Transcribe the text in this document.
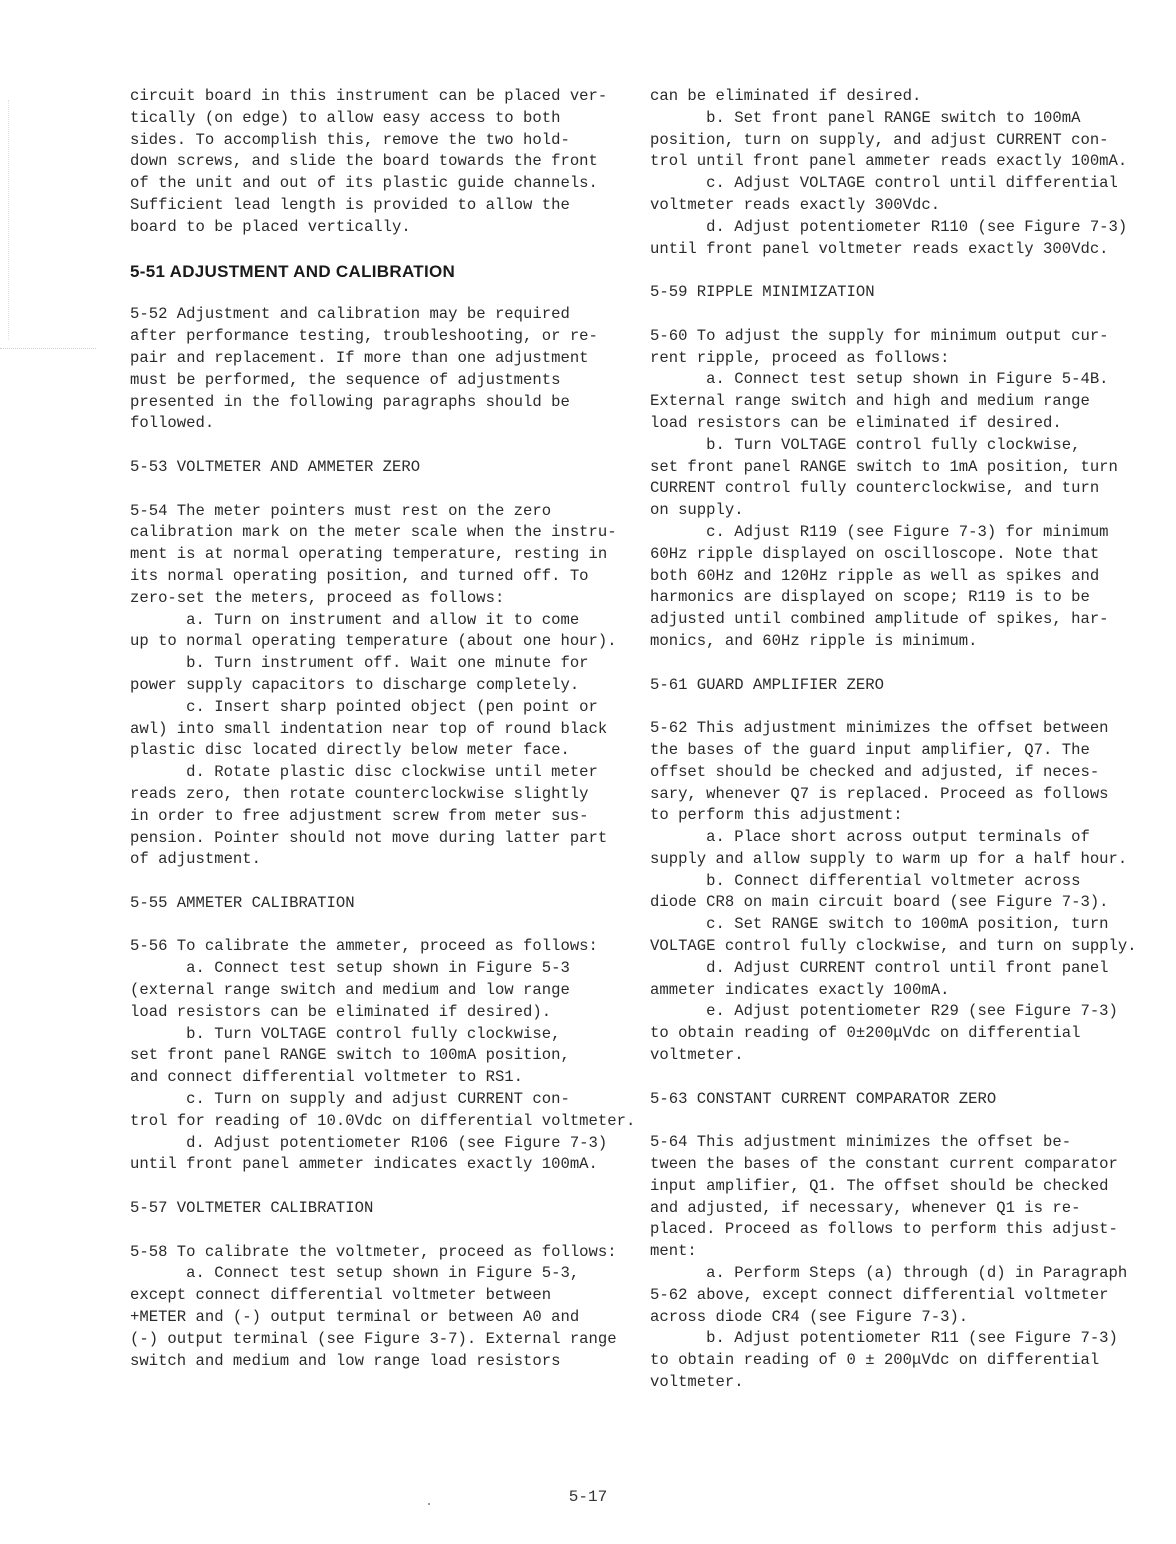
circuit board in this instrument can be placed ver-

tically (on edge) to allow easy access to both

sides. To accomplish this, remove the two hold-

down screws, and slide the board towards the front

of the unit and out of its plastic guide channels.

Sufficient lead length is provided to allow the

board to be placed vertically.

5-51 ADJUSTMENT AND CALIBRATION

5-52 Adjustment and calibration may be required

after performance testing, troubleshooting, or re-

pair and replacement. If more than one adjustment

must be performed, the sequence of adjustments

presented in the following paragraphs should be

followed.

5-53 VOLTMETER AND AMMETER ZERO

5-54 The meter pointers must rest on the zero

calibration mark on the meter scale when the instru-

ment is at normal operating temperature, resting in

its normal operating position, and turned off. To

zero-set the meters, proceed as follows:

a. Turn on instrument and allow it to come

up to normal operating temperature (about one hour).

b. Turn instrument off. Wait one minute for

power supply capacitors to discharge completely.

c. Insert sharp pointed object (pen point or

awl) into small indentation near top of round black

plastic disc located directly below meter face.

d. Rotate plastic disc clockwise until meter

reads zero, then rotate counterclockwise slightly

in order to free adjustment screw from meter sus-

pension. Pointer should not move during latter part

of adjustment.

5-55 AMMETER CALIBRATION

5-56 To calibrate the ammeter, proceed as follows:

a. Connect test setup shown in Figure 5-3

(external range switch and medium and low range

load resistors can be eliminated if desired).

b. Turn VOLTAGE control fully clockwise,

set front panel RANGE switch to 100mA position,

and connect differential voltmeter to RS1.

c. Turn on supply and adjust CURRENT con-

trol for reading of 10.0Vdc on differential voltmeter.

d. Adjust potentiometer R106 (see Figure 7-3)

until front panel ammeter indicates exactly 100mA.

5-57 VOLTMETER CALIBRATION

5-58 To calibrate the voltmeter, proceed as follows:

a. Connect test setup shown in Figure 5-3,

except connect differential voltmeter between

+METER and (-) output terminal or between A0 and

(-) output terminal (see Figure 3-7). External range

switch and medium and low range load resistors

can be eliminated if desired.

b. Set front panel RANGE switch to 100mA

position, turn on supply, and adjust CURRENT con-

trol until front panel ammeter reads exactly 100mA.

c. Adjust VOLTAGE control until differential

voltmeter reads exactly 300Vdc.

d. Adjust potentiometer R110 (see Figure 7-3)

until front panel voltmeter reads exactly 300Vdc.

5-59 RIPPLE MINIMIZATION

5-60 To adjust the supply for minimum output cur-

rent ripple, proceed as follows:

a. Connect test setup shown in Figure 5-4B.

External range switch and high and medium range

load resistors can be eliminated if desired.

b. Turn VOLTAGE control fully clockwise,

set front panel RANGE switch to 1mA position, turn

CURRENT control fully counterclockwise, and turn

on supply.

c. Adjust R119 (see Figure 7-3) for minimum

60Hz ripple displayed on oscilloscope. Note that

both 60Hz and 120Hz ripple as well as spikes and

harmonics are displayed on scope; R119 is to be

adjusted until combined amplitude of spikes, har-

monics, and 60Hz ripple is minimum.

5-61 GUARD AMPLIFIER ZERO

5-62 This adjustment minimizes the offset between

the bases of the guard input amplifier, Q7. The

offset should be checked and adjusted, if neces-

sary, whenever Q7 is replaced. Proceed as follows

to perform this adjustment:

a. Place short across output terminals of

supply and allow supply to warm up for a half hour.

b. Connect differential voltmeter across

diode CR8 on main circuit board (see Figure 7-3).

c. Set RANGE switch to 100mA position, turn

VOLTAGE control fully clockwise, and turn on supply.

d. Adjust CURRENT control until front panel

ammeter indicates exactly 100mA.

e. Adjust potentiometer R29 (see Figure 7-3)

to obtain reading of 0±200μVdc on differential

voltmeter.

5-63 CONSTANT CURRENT COMPARATOR ZERO

5-64 This adjustment minimizes the offset be-

tween the bases of the constant current comparator

input amplifier, Q1. The offset should be checked

and adjusted, if necessary, whenever Q1 is re-

placed. Proceed as follows to perform this adjust-

ment:

a. Perform Steps (a) through (d) in Paragraph

5-62 above, except connect differential voltmeter

across diode CR4 (see Figure 7-3).

b. Adjust potentiometer R11 (see Figure 7-3)

to obtain reading of 0 ± 200μVdc on differential

voltmeter.

5-17
